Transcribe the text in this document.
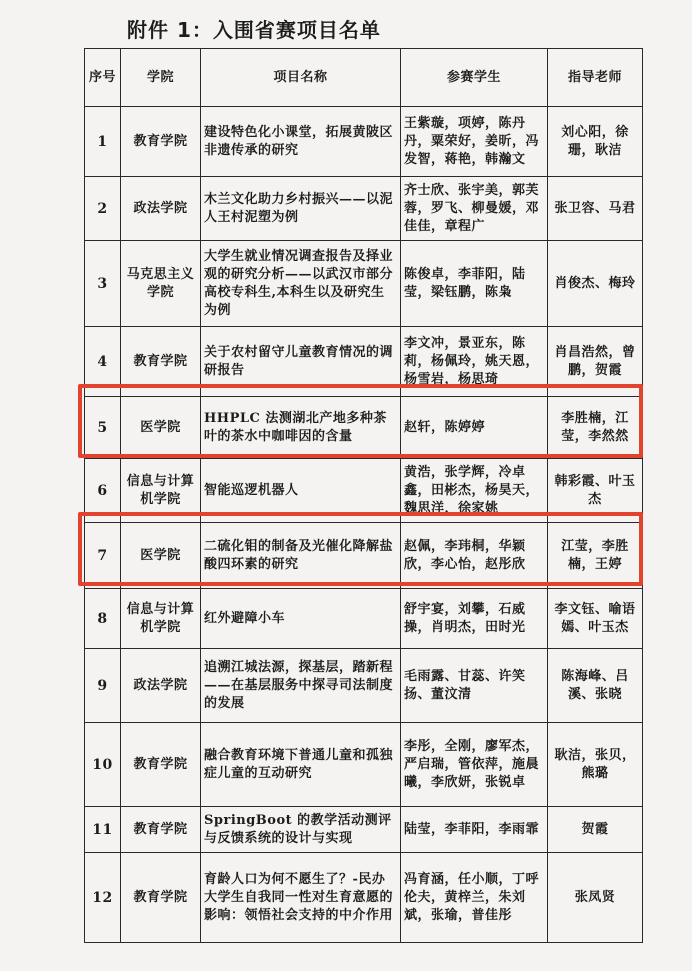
附件 1：入围省赛项目名单
序号	学院	项目名称	参赛学生	指导老师
1	教育学院	建设特色化小课堂，拓展黄陂区非遗传承的研究	王紫璇，项婷，陈丹丹，粟荣好，姜昕，冯发智，蒋艳，韩瀚文	刘心阳，徐珊，耿洁
2	政法学院	木兰文化助力乡村振兴——以泥人王村泥塑为例	齐士欣、张宇美，郭芙蓉，罗飞、柳曼媛，邓佳佳，章程广	张卫容、马君
3	马克思主义学院	大学生就业情况调查报告及择业观的研究分析——以武汉市部分高校专科生,本科生以及研究生为例	陈俊卓，李菲阳，陆莹，梁钰鹏，陈枭	肖俊杰、梅玲
4	教育学院	关于农村留守儿童教育情况的调研报告	李文冲，景亚东，陈莉，杨佩玲，姚天恩，杨雪岩，杨思琦	肖昌浩然，曾鹏，贺霞
5	医学院	HHPLC 法测湖北产地多种茶叶的茶水中咖啡因的含量	赵轩，陈婷婷	李胜楠，江莹，李然然
6	信息与计算机学院	智能巡逻机器人	黄浩，张学辉，冷卓鑫，田彬杰，杨昊天，魏思洋，徐家姚	韩彩霞、叶玉杰
7	医学院	二硫化钼的制备及光催化降解盐酸四环素的研究	赵佩，李玮桐，华颖欣，李心怡，赵彤欣	江莹，李胜楠，王婷
8	信息与计算机学院	红外避障小车	舒宇宴，刘攀，石威操，肖明杰，田时光	李文钰、喻语嫣、叶玉杰
9	政法学院	追溯江城法源，探基层，踏新程——在基层服务中探寻司法制度的发展	毛雨露、甘蕊、许笑扬、董汶清	陈海峰、吕溪、张晓
10	教育学院	融合教育环境下普通儿童和孤独症儿童的互动研究	李彤，全刚，廖军杰，严启瑞，管依萍，施晨曦，李欣妍，张锐卓	耿洁，张贝，熊璐
11	教育学院	SpringBoot 的教学活动测评与反馈系统的设计与实现	陆莹，李菲阳，李雨霏	贺霞
12	教育学院	育龄人口为何不愿生了？-民办大学生自我同一性对生育意愿的影响：领悟社会支持的中介作用	冯育涵，任小顺，丁呼伦夫，黄梓兰，朱刘斌，张瑜，普佳彤	张凤贤
